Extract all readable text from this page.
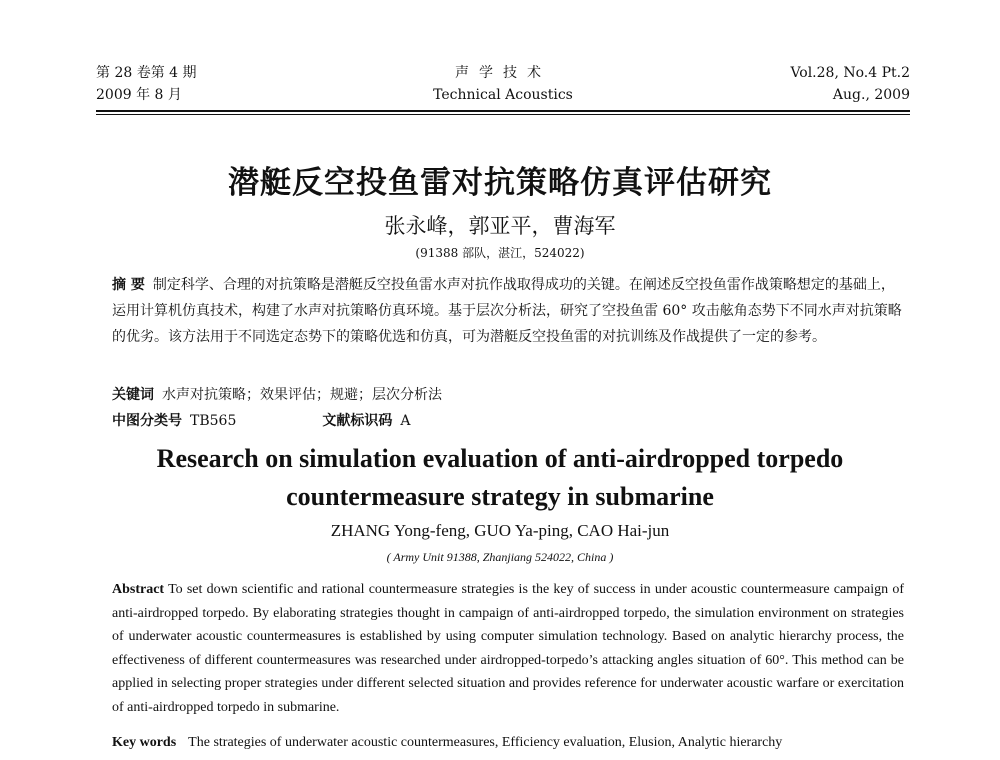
第 28 卷第 4 期
2009 年 8 月
声学技术
Technical Acoustics
Vol.28, No.4 Pt.2
Aug., 2009
潜艇反空投鱼雷对抗策略仿真评估研究
张永峰，郭亚平，曹海军
(91388 部队，湛江，524022)

摘 要 制定科学、合理的对抗策略是潜艇反空投鱼雷水声对抗作战取得成功的关键。在阐述反空投鱼雷作战策略想定的基础上，运用计算机仿真技术，构建了水声对抗策略仿真环境。基于层次分析法，研究了空投鱼雷 60° 攻击舷角态势下不同水声对抗策略的优劣。该方法用于不同选定态势下的策略优选和仿真，可为潜艇反空投鱼雷的对抗训练及作战提供了一定的参考。

关键词 水声对抗策略；效果评估；规避；层次分析法
中图分类号 TB565	文献标识码 A
Research on simulation evaluation of anti-airdropped torpedo
countermeasure strategy in submarine
ZHANG Yong-feng, GUO Ya-ping, CAO Hai-jun
( Army Unit 91388, Zhanjiang 524022, China )

Abstract To set down scientific and rational countermeasure strategies is the key of success in under acoustic countermeasure campaign of anti-airdropped torpedo. By elaborating strategies thought in campaign of anti-airdropped torpedo, the simulation environment on strategies of underwater acoustic countermeasures is established by using computer simulation technology. Based on analytic hierarchy process, the effectiveness of different countermeasures was researched under airdropped-torpedo’s attacking angles situation of 60°. This method can be applied in selecting proper strategies under different selected situation and provides reference for underwater acoustic warfare or exercitation of anti-airdropped torpedo in submarine.

Key words The strategies of underwater acoustic countermeasures, Efficiency evaluation, Elusion, Analytic hierarchy
